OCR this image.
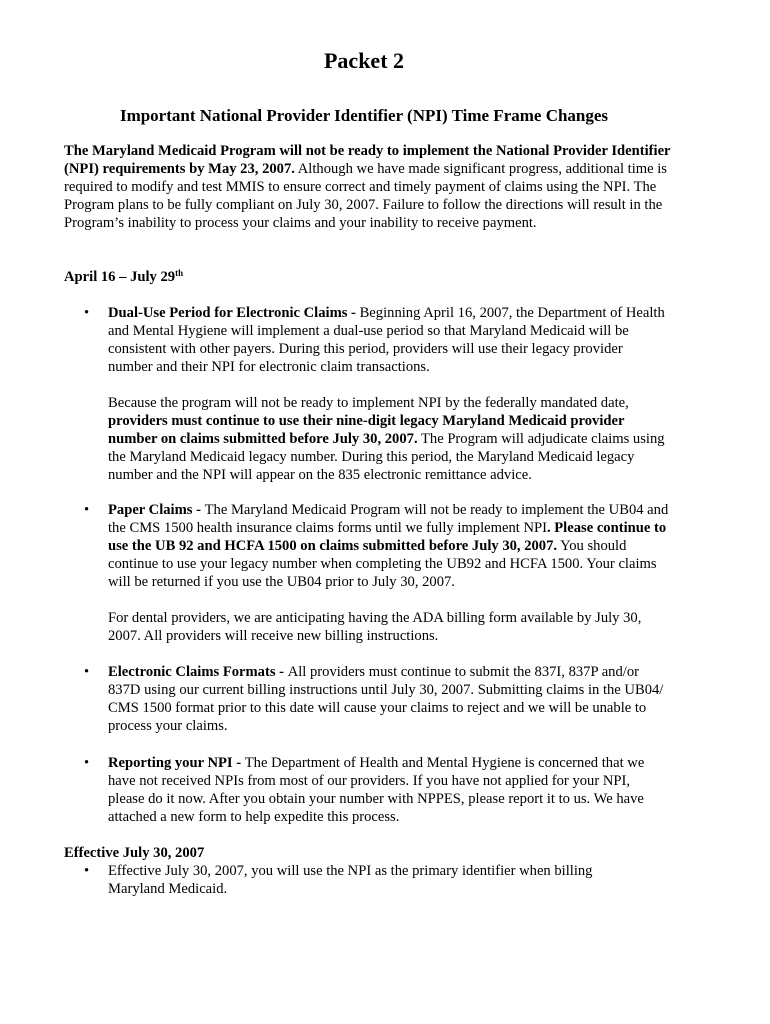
Packet 2
Important National Provider Identifier (NPI) Time Frame Changes
The Maryland Medicaid Program will not be ready to implement the National Provider Identifier (NPI) requirements by May 23, 2007. Although we have made significant progress, additional time is required to modify and test MMIS to ensure correct and timely payment of claims using the NPI. The Program plans to be fully compliant on July 30, 2007. Failure to follow the directions will result in the Program’s inability to process your claims and your inability to receive payment.
April 16 – July 29th
•	Dual-Use Period for Electronic Claims - Beginning April 16, 2007, the Department of Health and Mental Hygiene will implement a dual-use period so that Maryland Medicaid will be consistent with other payers. During this period, providers will use their legacy provider number and their NPI for electronic claim transactions.

Because the program will not be ready to implement NPI by the federally mandated date, providers must continue to use their nine-digit legacy Maryland Medicaid provider number on claims submitted before July 30, 2007. The Program will adjudicate claims using the Maryland Medicaid legacy number. During this period, the Maryland Medicaid legacy number and the NPI will appear on the 835 electronic remittance advice.
•	Paper Claims - The Maryland Medicaid Program will not be ready to implement the UB04 and the CMS 1500 health insurance claims forms until we fully implement NPI. Please continue to use the UB 92 and HCFA 1500 on claims submitted before July 30, 2007. You should continue to use your legacy number when completing the UB92 and HCFA 1500. Your claims will be returned if you use the UB04 prior to July 30, 2007.
For dental providers, we are anticipating having the ADA billing form available by July 30, 2007. All providers will receive new billing instructions.
•	Electronic Claims Formats - All providers must continue to submit the 837I, 837P and/or 837D using our current billing instructions until July 30, 2007. Submitting claims in the UB04/ CMS 1500 format prior to this date will cause your claims to reject and we will be unable to process your claims.
•	Reporting your NPI - The Department of Health and Mental Hygiene is concerned that we have not received NPIs from most of our providers. If you have not applied for your NPI, please do it now. After you obtain your number with NPPES, please report it to us. We have attached a new form to help expedite this process.
Effective July 30, 2007
•	Effective July 30, 2007, you will use the NPI as the primary identifier when billing Maryland Medicaid.
